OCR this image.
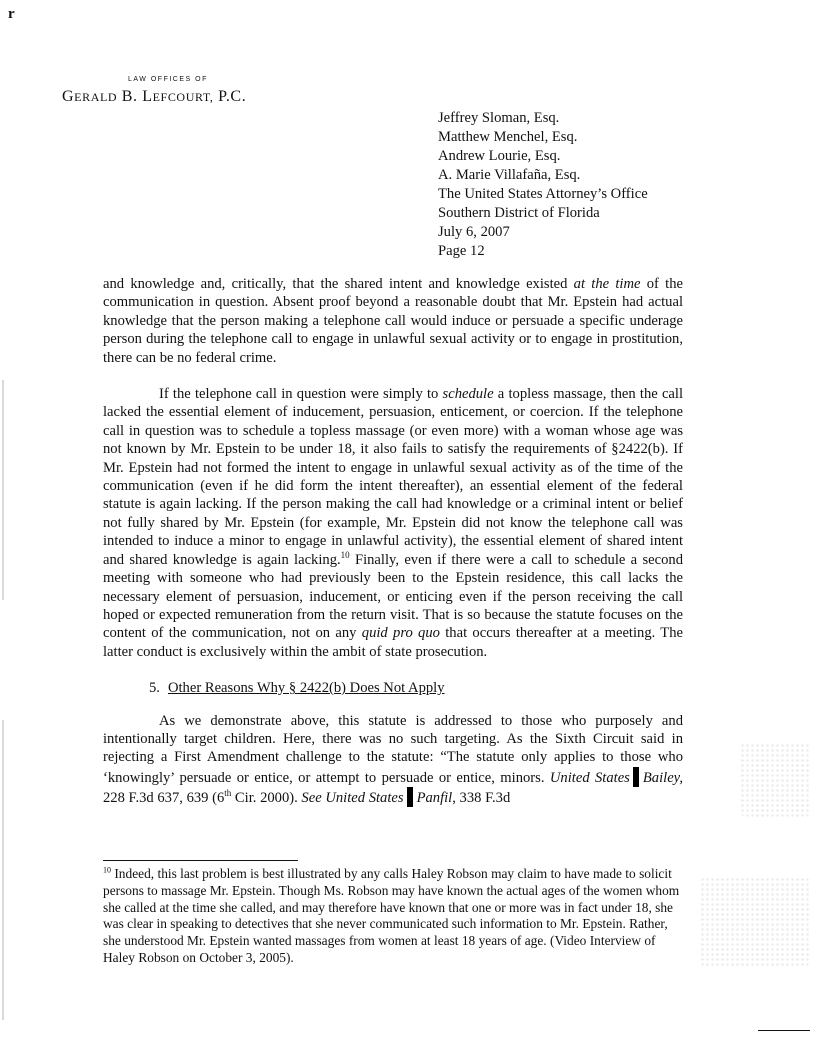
r
LAW OFFICES OF
GERALD B. LEFCOURT, P.C.
Jeffrey Sloman, Esq.
Matthew Menchel, Esq.
Andrew Lourie, Esq.
A. Marie Villafaña, Esq.
The United States Attorney’s Office
Southern District of Florida
July 6, 2007
Page 12

and knowledge and, critically, that the shared intent and knowledge existed at the time of the communication in question. Absent proof beyond a reasonable doubt that Mr. Epstein had actual knowledge that the person making a telephone call would induce or persuade a specific underage person during the telephone call to engage in unlawful sexual activity or to engage in prostitution, there can be no federal crime.

If the telephone call in question were simply to schedule a topless massage, then the call lacked the essential element of inducement, persuasion, enticement, or coercion. If the telephone call in question was to schedule a topless massage (or even more) with a woman whose age was not known by Mr. Epstein to be under 18, it also fails to satisfy the requirements of §2422(b). If Mr. Epstein had not formed the intent to engage in unlawful sexual activity as of the time of the communication (even if he did form the intent thereafter), an essential element of the federal statute is again lacking. If the person making the call had knowledge or a criminal intent or belief not fully shared by Mr. Epstein (for example, Mr. Epstein did not know the telephone call was intended to induce a minor to engage in unlawful activity), the essential element of shared intent and shared knowledge is again lacking.$^{10}$ Finally, even if there were a call to schedule a second meeting with someone who had previously been to the Epstein residence, this call lacks the necessary element of persuasion, inducement, or enticing even if the person receiving the call hoped or expected remuneration from the return visit. That is so because the statute focuses on the content of the communication, not on any quid pro quo that occurs thereafter at a meeting. The latter conduct is exclusively within the ambit of state prosecution.

5. Other Reasons Why § 2422(b) Does Not Apply

As we demonstrate above, this statute is addressed to those who purposely and intentionally target children. Here, there was no such targeting. As the Sixth Circuit said in rejecting a First Amendment challenge to the statute: “The statute only applies to those who ‘knowingly’ persuade or entice, or attempt to persuade or entice, minors. United States Bailey, 228 F.3d 637, 639 (6th Cir. 2000). See United States Panfil, 338 F.3d

$^{10}$ Indeed, this last problem is best illustrated by any calls Haley Robson may claim to have made to solicit persons to massage Mr. Epstein. Though Ms. Robson may have known the actual ages of the women whom she called at the time she called, and may therefore have known that one or more was in fact under 18, she was clear in speaking to detectives that she never communicated such information to Mr. Epstein. Rather, she understood Mr. Epstein wanted massages from women at least 18 years of age. (Video Interview of Haley Robson on October 3, 2005).
